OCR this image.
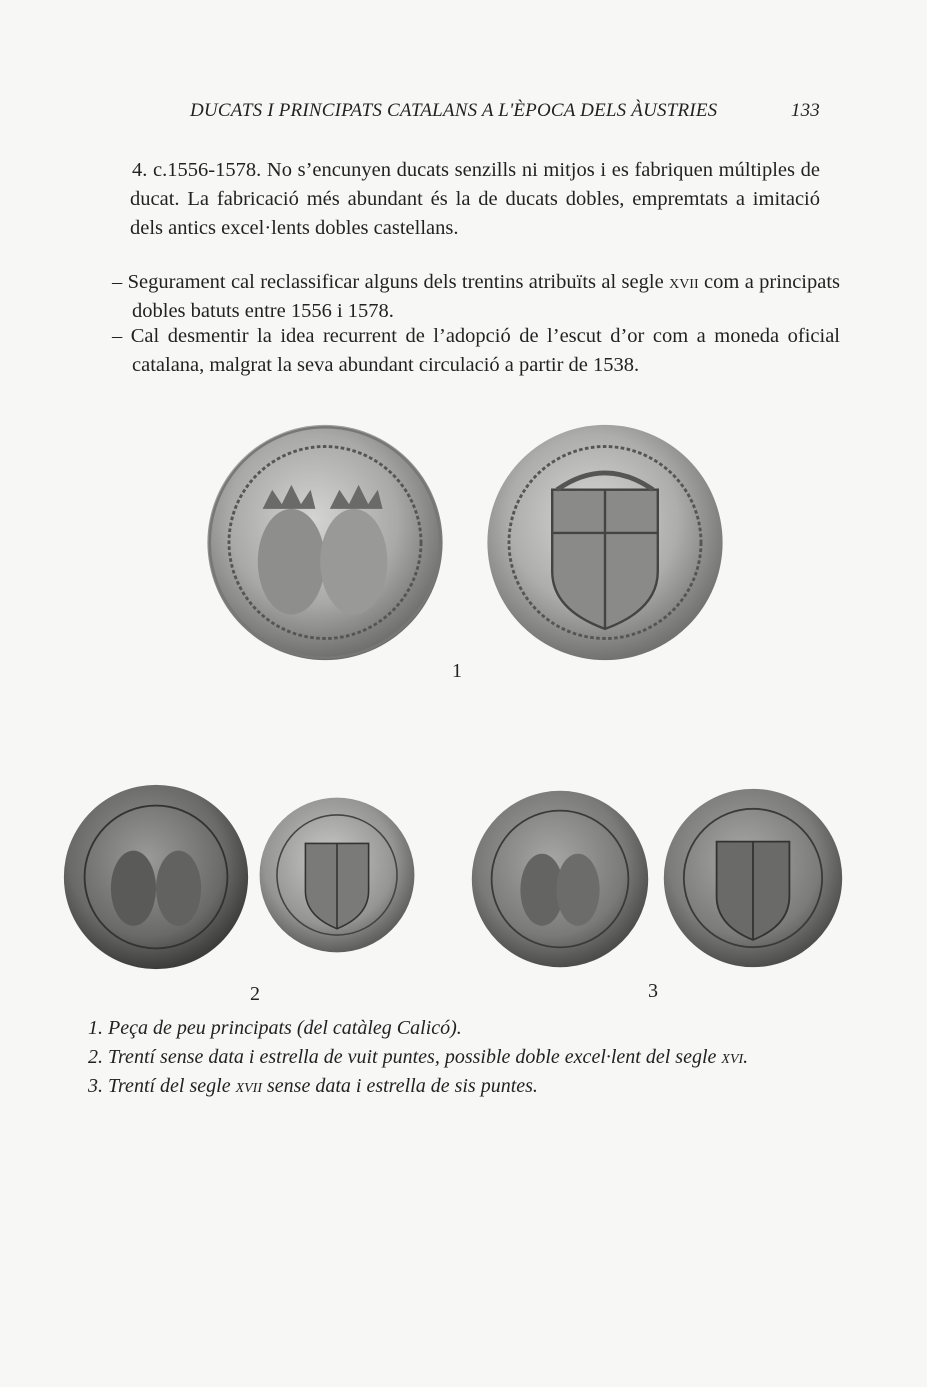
DUCATS I PRINCIPATS CATALANS A L'ÈPOCA DELS ÀUSTRIES	133
4. c.1556-1578. No s’encunyen ducats senzills ni mitjos i es fabriquen múltiples de ducat. La fabricació més abundant és la de ducats dobles, empremtats a imitació dels antics excel·lents dobles castellans.
– Segurament cal reclassificar alguns dels trentins atribuïts al segle xvii com a principats dobles batuts entre 1556 i 1578.
– Cal desmentir la idea recurrent de l’adopció de l’escut d’or com a moneda oficial catalana, malgrat la seva abundant circulació a partir de 1538.
1
2	3
1. Peça de peu principats (del catàleg Calicó).
2. Trentí sense data i estrella de vuit puntes, possible doble excel·lent del segle xvi.
3. Trentí del segle xvii sense data i estrella de sis puntes.
